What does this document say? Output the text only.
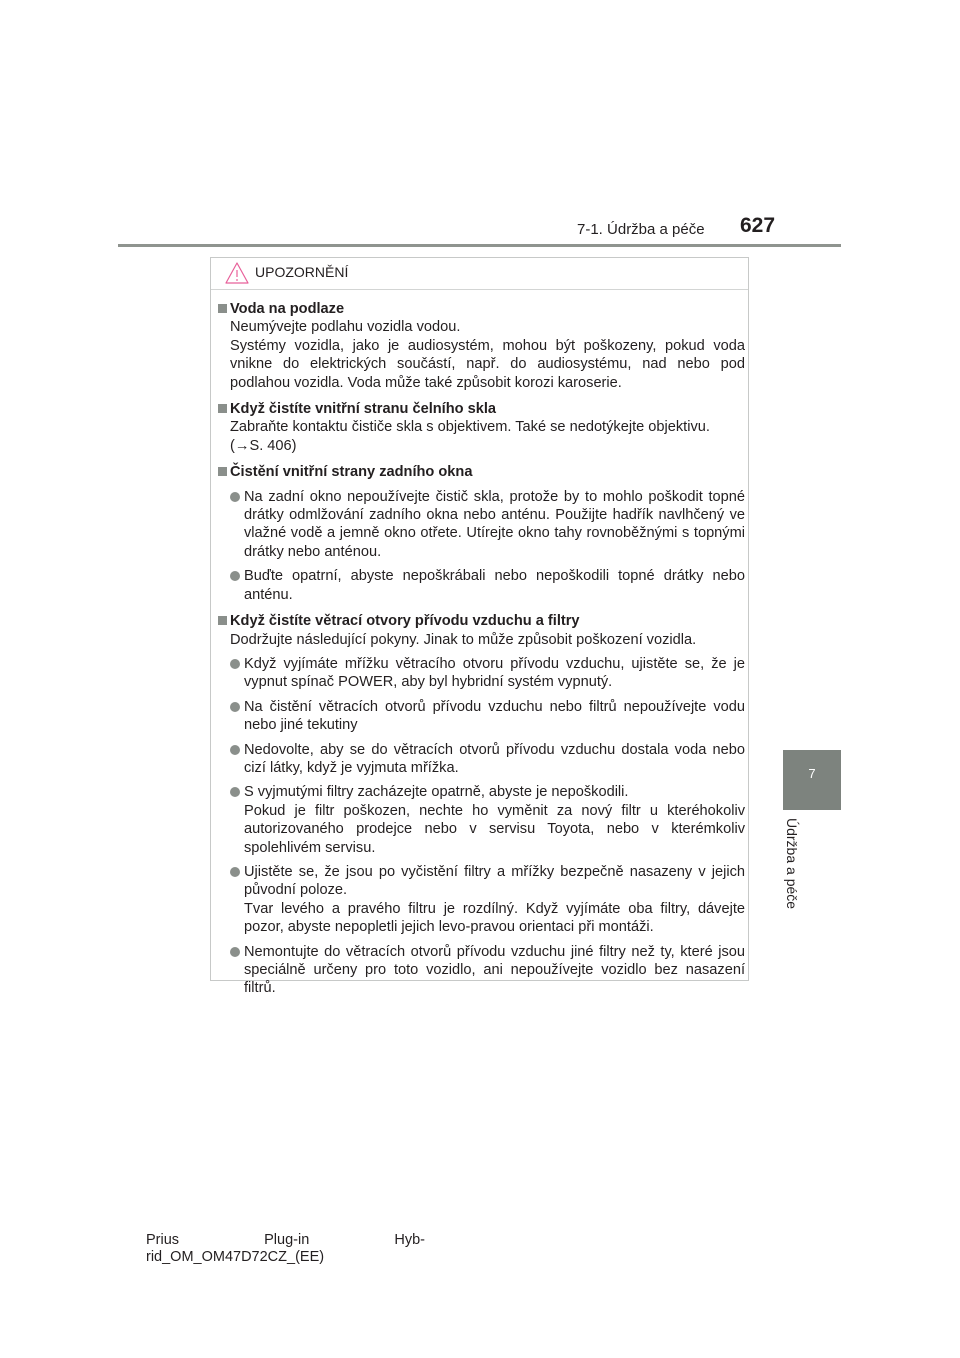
7-1. Údržba a péče 627
7
Údržba a péče
UPOZORNĚNÍ
Voda na podlaze
Neumývejte podlahu vozidla vodou.
Systémy vozidla, jako je audiosystém, mohou být poškozeny, pokud voda vnikne do elektrických součástí, např. do audiosystému, nad nebo pod podlahou vozidla. Voda může také způsobit korozi karoserie.
Když čistíte vnitřní stranu čelního skla
Zabraňte kontaktu čističe skla s objektivem. Také se nedotýkejte objektivu.
(→S. 406)
Čistění vnitřní strany zadního okna
Na zadní okno nepoužívejte čistič skla, protože by to mohlo poškodit topné drátky odmlžování zadního okna nebo anténu. Použijte hadřík navlhčený ve vlažné vodě a jemně okno otřete. Utírejte okno tahy rovnoběžnými s topnými drátky nebo anténou.
Buďte opatrní, abyste nepoškrábali nebo nepoškodili topné drátky nebo anténu.
Když čistíte větrací otvory přívodu vzduchu a filtry
Dodržujte následující pokyny. Jinak to může způsobit poškození vozidla.
Když vyjímáte mřížku větracího otvoru přívodu vzduchu, ujistěte se, že je vypnut spínač POWER, aby byl hybridní systém vypnutý.
Na čistění větracích otvorů přívodu vzduchu nebo filtrů nepoužívejte vodu nebo jiné tekutiny
Nedovolte, aby se do větracích otvorů přívodu vzduchu dostala voda nebo cizí látky, když je vyjmuta mřížka.
S vyjmutými filtry zacházejte opatrně, abyste je nepoškodili.
Pokud je filtr poškozen, nechte ho vyměnit za nový filtr u kteréhokoliv autorizovaného prodejce nebo v servisu Toyota, nebo v kterémkoliv spolehlivém servisu.
Ujistěte se, že jsou po vyčistění filtry a mřížky bezpečně nasazeny v jejich původní poloze.
Tvar levého a pravého filtru je rozdílný. Když vyjímáte oba filtry, dávejte pozor, abyste nepopletli jejich levo-pravou orientaci při montáži.
Nemontujte do větracích otvorů přívodu vzduchu jiné filtry než ty, které jsou speciálně určeny pro toto vozidlo, ani nepoužívejte vozidlo bez nasazení filtrů.
Prius	Plug-in	Hyb-
rid_OM_OM47D72CZ_(EE)
